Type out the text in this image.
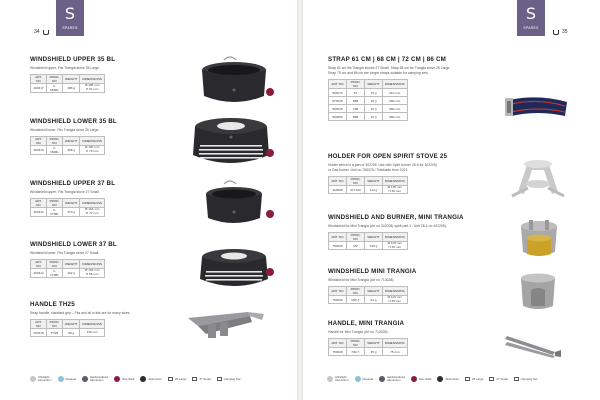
S
SPARES
34
WINDSHIELD UPPER 35 BL
Windshield upper. Fits Trangia stove 25 Large.
ART. NO	PROD. NO	WEIGHT	DIMENSIONS
400317	V-353BL	488 g	Ø 186 mm
H 91 mm
WINDSHIELD LOWER 35 BL
Windshield lower. Fits Trangia stove 25 Large.
ART. NO	PROD. NO	WEIGHT	DIMENSIONS
400316	V-354BL	308 g	Ø 190 mm
H 78 mm
WINDSHIELD UPPER 37 BL
Windshield upper. Fits Trangia stove 27 Small.
ART. NO	PROD. NO	WEIGHT	DIMENSIONS
400314	V-373BL	370 g	Ø 163 mm
H 72 mm
WINDSHIELD LOWER 37 BL
Windshield lower. Fits Trangia stove 27 Small.
ART. NO	PROD. NO	WEIGHT	DIMENSIONS
400314	V-374BL	192 g	Ø 163 mm
H 58 mm
HANDLE TH25
Strap handle, standard grip – Fits and all in kits are for many sizes.
ART. NO	PROD. NO	WEIGHT	DIMENSIONS
400318	TH25	98 g	136 mm
Ultralight
Aluminium	Duossal	Hardanodized
Aluminium	Non-Stick	Aluminium	25 Large	27 Small	Camping Set
S
SPARES
35
STRAP 61 CM | 68 CM | 72 CM | 86 CM
Strap 61 cm fits Trangia stoves 27 Small. Strap 68 cm for Trangia stove 25 Large.
Strap 75 cm and 86 cm are longer straps suitable for camping sets.
ART. NO	PROD. NO	WEIGHT	DIMENSIONS
900070	61	15 g	610 mm
870015	68B	18 g	680 mm
900015	72B	19 g	880 mm
900050	86B	19 g	880 mm
HOLDER FOR OPEN SPIRIT STOVE 25
Holder which is a part of 302205. Use with Spirit burner 28-6 for 302205)
or Gas burner. Unit no 768378 / Trekkable from 2021.
ART. NO	PROD. NO	WEIGHT	DIMENSIONS
403528	SH-120	112 g	Ø 135 mm
H 62 mm
WINDSHIELD AND BURNER, MINI TRANGIA
Windshield for Mini Trangia (Art no 302028) spirit part 1 , Unit 28-2 no 402205).
ART. NO	PROD. NO	WEIGHT	DIMENSIONS
750025	M2	105 g	Ø 103 mm
H 65 mm
WINDSHIELD MINI TRANGIA
Windshield for Mini Trangia (Art no 713028).
ART. NO	PROD. NO	WEIGHT	DIMENSIONS
750030	MW-T	81 g	Ø 103 mm
H 65 mm
HANDLE, MINI TRANGIA
Handle for Mini Trangia (Art no 713028).
ART. NO	PROD. NO	WEIGHT	DIMENSIONS
750028	HM-T	35 g	75 mm
Ultralight
Aluminium	Duossal	Hardanodized
Aluminium	Non-Stick	Aluminium	25 Large	27 Small	Camping Set
